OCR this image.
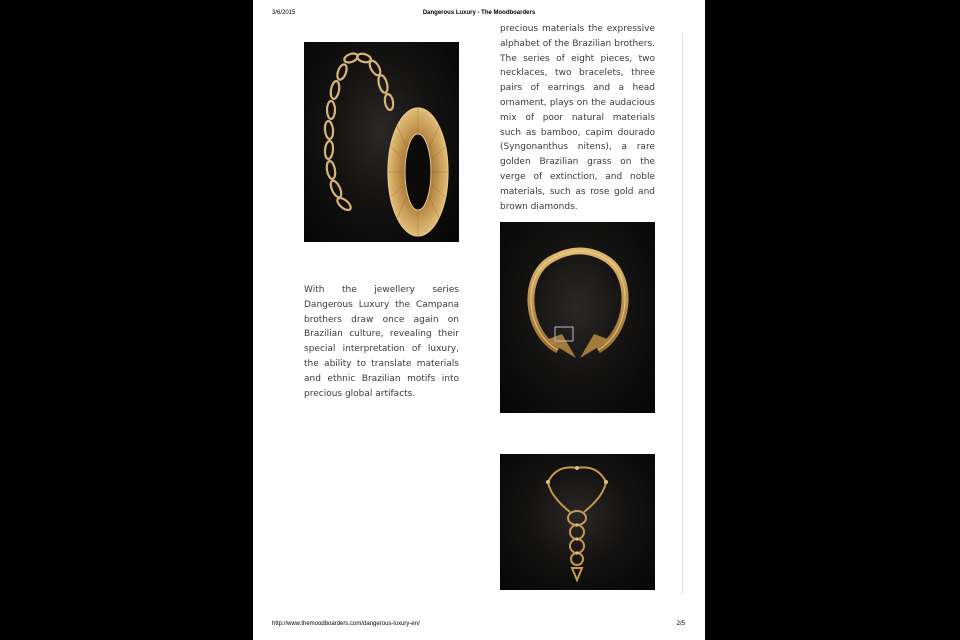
3/6/2015	Dangerous Luxury - The Moodboarders

precious materials the expressive alphabet of the Brazilian brothers. The series of eight pieces, two necklaces, two bracelets, three pairs of earrings and a head ornament, plays on the audacious mix of poor natural materials such as bamboo, capim dourado (Syngonanthus nitens), a rare golden Brazilian grass on the verge of extinction, and noble materials, such as rose gold and brown diamonds.

With the jewellery series Dangerous Luxury the Campana brothers draw once again on Brazilian culture, revealing their special interpretation of luxury, the ability to translate materials and ethnic Brazilian motifs into precious global artifacts.

http://www.themoodboarders.com/dangerous-luxury-en/	2/5
